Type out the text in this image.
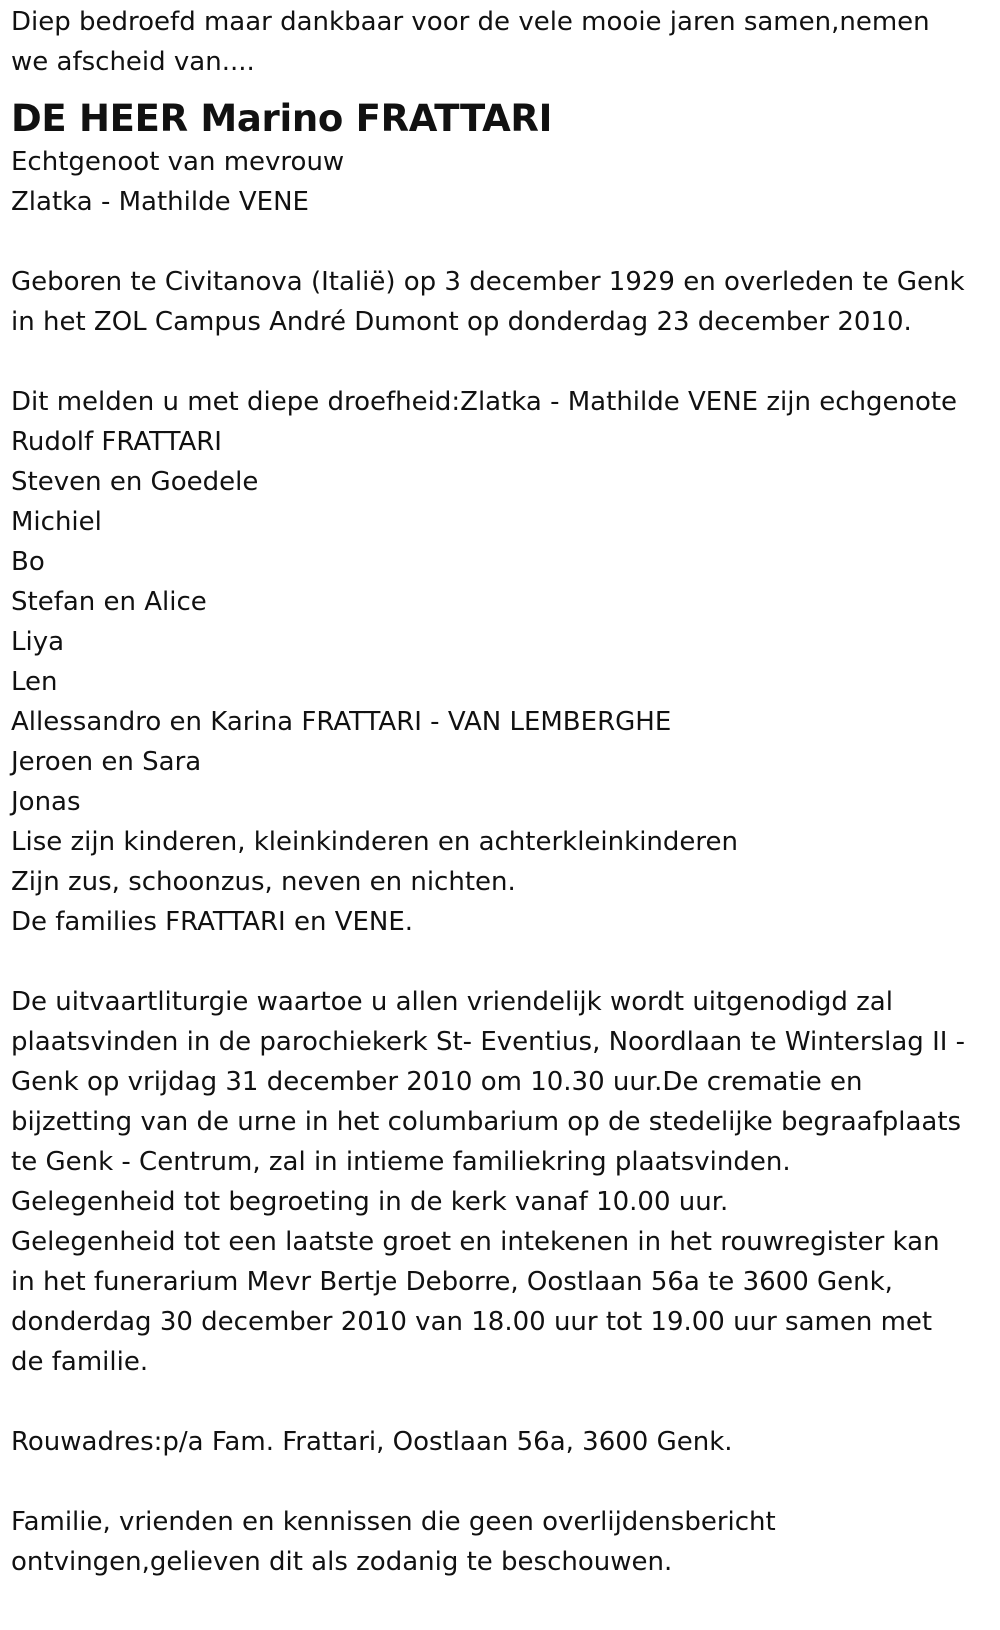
Diep bedroefd maar dankbaar voor de vele mooie jaren samen,nemen

we afscheid van....

DE HEER Marino FRATTARI

Echtgenoot van mevrouw

Zlatka - Mathilde VENE

Geboren te Civitanova (Italië) op 3 december 1929 en overleden te Genk

in het ZOL Campus André Dumont op donderdag 23 december 2010.

Dit melden u met diepe droefheid:Zlatka - Mathilde VENE zijn echgenote

Rudolf FRATTARI

Steven en Goedele

Michiel

Bo

Stefan en Alice

Liya

Len

Allessandro en Karina FRATTARI - VAN LEMBERGHE

Jeroen en Sara

Jonas

Lise zijn kinderen, kleinkinderen en achterkleinkinderen

Zijn zus, schoonzus, neven en nichten.

De families FRATTARI en VENE.

De uitvaartliturgie waartoe u allen vriendelijk wordt uitgenodigd zal

plaatsvinden in de parochiekerk St- Eventius, Noordlaan te Winterslag II -

Genk op vrijdag 31 december 2010 om 10.30 uur.De crematie en

bijzetting van de urne in het columbarium op de stedelijke begraafplaats

te Genk - Centrum, zal in intieme familiekring plaatsvinden.

Gelegenheid tot begroeting in de kerk vanaf 10.00 uur.

Gelegenheid tot een laatste groet en intekenen in het rouwregister kan

in het funerarium Mevr Bertje Deborre, Oostlaan 56a te 3600 Genk,

donderdag 30 december 2010 van 18.00 uur tot 19.00 uur samen met

de familie.

Rouwadres:p/a Fam. Frattari, Oostlaan 56a, 3600 Genk.

Familie, vrienden en kennissen die geen overlijdensbericht

ontvingen,gelieven dit als zodanig te beschouwen.
